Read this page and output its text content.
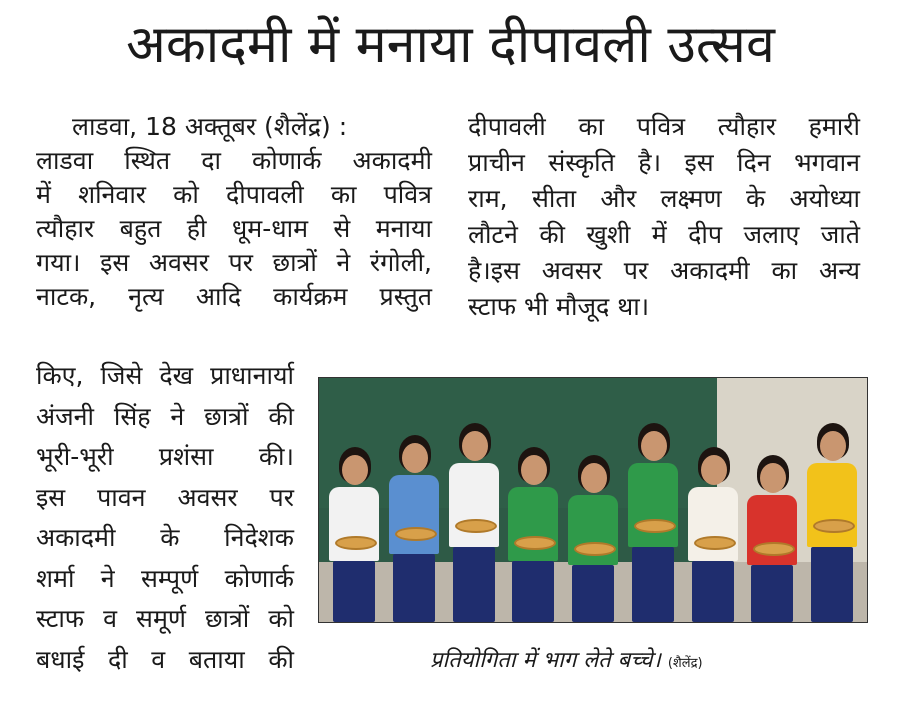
अकादमी में मनाया दीपावली उत्सव

लाडवा, 18 अक्तूबर (शैलेंद्र) :

लाडवा स्थित दा कोणार्क अकादमी

में शनिवार को दीपावली का पवित्र

त्यौहार बहुत ही धूम-धाम से मनाया

गया। इस अवसर पर छात्रों ने रंगोली,

नाटक, नृत्य आदि कार्यक्रम प्रस्तुत

किए, जिसे देख प्राधानार्या

अंजनी सिंह ने छात्रों की

भूरी-भूरी प्रशंसा की।

इस पावन अवसर पर

अकादमी के निदेशक

शर्मा ने सम्पूर्ण कोणार्क

स्टाफ व समूर्ण छात्रों को

बधाई दी व बताया की

दीपावली का पवित्र त्यौहार हमारी

प्राचीन संस्कृति है। इस दिन भगवान

राम, सीता और लक्ष्मण के अयोध्या

लौटने की खुशी में दीप जलाए जाते

है।इस अवसर पर अकादमी का अन्य

स्टाफ भी मौजूद था।

प्रतियोगिता में भाग लेते बच्चे। (शैलेंद्र)
